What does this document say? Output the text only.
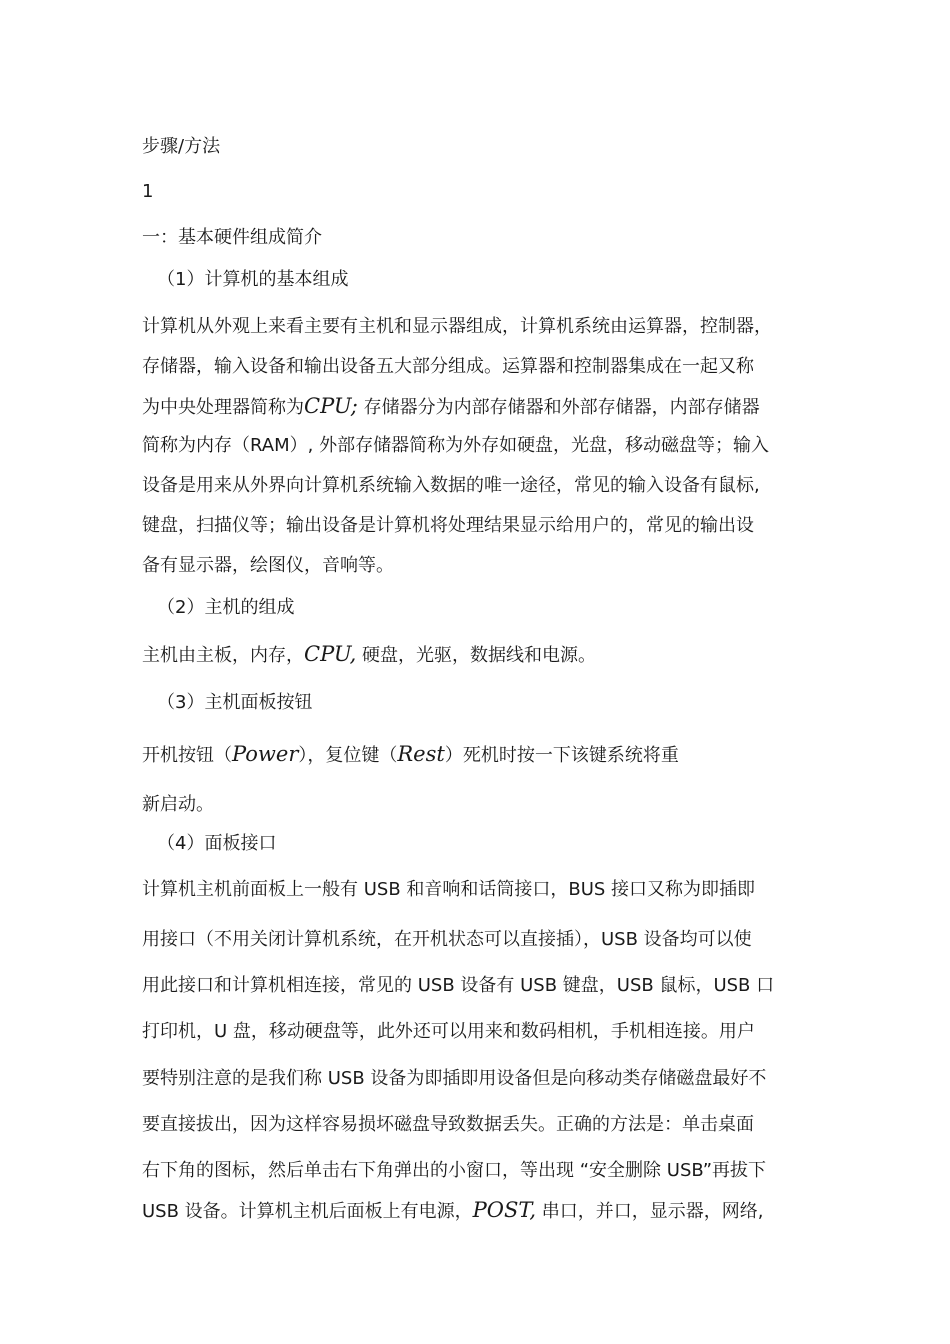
步骤/方法

1

一：基本硬件组成简介

（1）计算机的基本组成

计算机从外观上来看主要有主机和显示器组成，计算机系统由运算器，控制器，

存储器，输入设备和输出设备五大部分组成。运算器和控制器集成在一起又称

为中央处理器简称为CPU; 存储器分为内部存储器和外部存储器，内部存储器

简称为内存（RAM）, 外部存储器简称为外存如硬盘，光盘，移动磁盘等；输入

设备是用来从外界向计算机系统输入数据的唯一途径，常见的输入设备有鼠标,

键盘，扫描仪等；输出设备是计算机将处理结果显示给用户的，常见的输出设

备有显示器，绘图仪，音响等。

（2）主机的组成

主机由主板，内存，CPU, 硬盘，光驱，数据线和电源。

（3）主机面板按钮

开机按钮（Power），复位键（Rest）死机时按一下该键系统将重

新启动。

（4）面板接口

计算机主机前面板上一般有 USB 和音响和话筒接口，BUS 接口又称为即插即

用接口（不用关闭计算机系统，在开机状态可以直接插），USB 设备均可以使

用此接口和计算机相连接，常见的 USB 设备有 USB 键盘，USB 鼠标，USB 口

打印机，U 盘，移动硬盘等，此外还可以用来和数码相机，手机相连接。用户

要特别注意的是我们称 USB 设备为即插即用设备但是向移动类存储磁盘最好不

要直接拔出，因为这样容易损坏磁盘导致数据丢失。正确的方法是：单击桌面

右下角的图标，然后单击右下角弹出的小窗口，等出现 “安全删除 USB”再拔下

USB 设备。计算机主机后面板上有电源，POST, 串口，并口，显示器，网络,
